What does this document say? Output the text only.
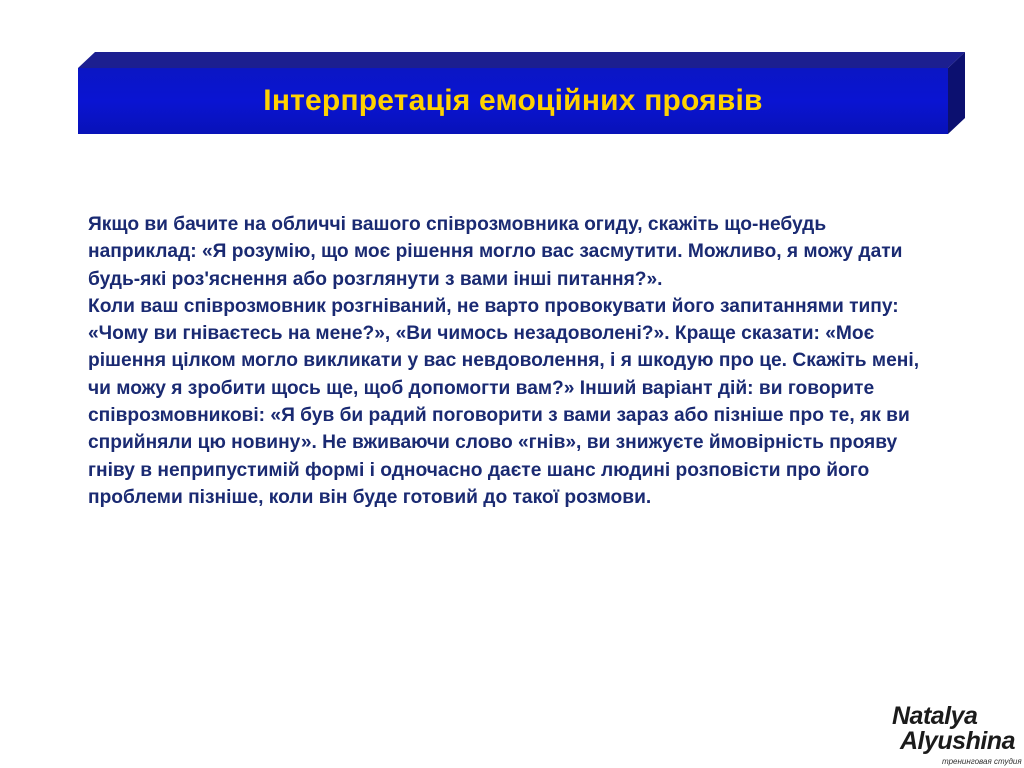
Інтерпретація емоційних проявів

Якщо ви бачите на обличчі вашого співрозмовника огиду, скажіть що-небудь наприклад: «Я розумію, що моє рішення могло вас засмутити. Можливо, я можу дати будь-які роз'яснення або розглянути з вами інші питання?».

Коли ваш співрозмовник розгніваний, не варто провокувати його запитаннями типу: «Чому ви гніваєтесь на мене?», «Ви чимось незадоволені?». Краще сказати: «Моє рішення цілком могло викликати у вас невдоволення, і я шкодую про це. Скажіть мені, чи можу я зробити щось ще, щоб допомогти вам?» Інший варіант дій: ви говорите співрозмовникові: «Я був би радий поговорити з вами зараз або пізніше про те, як ви сприйняли цю новину». Не вживаючи слово «гнів», ви знижуєте ймовірність прояву гніву в неприпустимій формі і одночасно даєте шанс людині розповісти про його проблеми пізніше, коли він буде готовий до такої розмови.

Natalya
Alyushina
тренинговая студия
